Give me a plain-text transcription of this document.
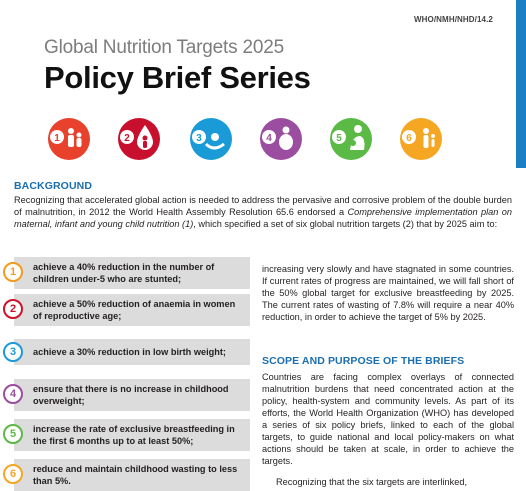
WHO/NMH/NHD/14.2
Global Nutrition Targets 2025
Policy Brief Series
1	2	3	4	5	6
BACKGROUND
Recognizing that accelerated global action is needed to address the pervasive and corrosive problem of the double burden of malnutrition, in 2012 the World Health Assembly Resolution 65.6 endorsed a Comprehensive implementation plan on maternal, infant and young child nutrition (1), which specified a set of six global nutrition targets (2) that by 2025 aim to:
1	achieve a 40% reduction in the number of children under-5 who are stunted;
2	achieve a 50% reduction of anaemia in women of reproductive age;
3	achieve a 30% reduction in low birth weight;
4	ensure that there is no increase in childhood overweight;
5	increase the rate of exclusive breastfeeding in the first 6 months up to at least 50%;
6	reduce and maintain childhood wasting to less than 5%.
increasing very slowly and have stagnated in some countries. If current rates of progress are maintained, we will fall short of the 50% global target for exclusive breastfeeding by 2025. The current rates of wasting of 7.8% will require a near 40% reduction, in order to achieve the target of 5% by 2025.
SCOPE AND PURPOSE OF THE BRIEFS
Countries are facing complex overlays of connected malnutrition burdens that need concentrated action at the policy, health-system and community levels. As part of its efforts, the World Health Organization (WHO) has developed a series of six policy briefs, linked to each of the global targets, to guide national and local policy-makers on what actions should be taken at scale, in order to achieve the targets.
Recognizing that the six targets are interlinked,
